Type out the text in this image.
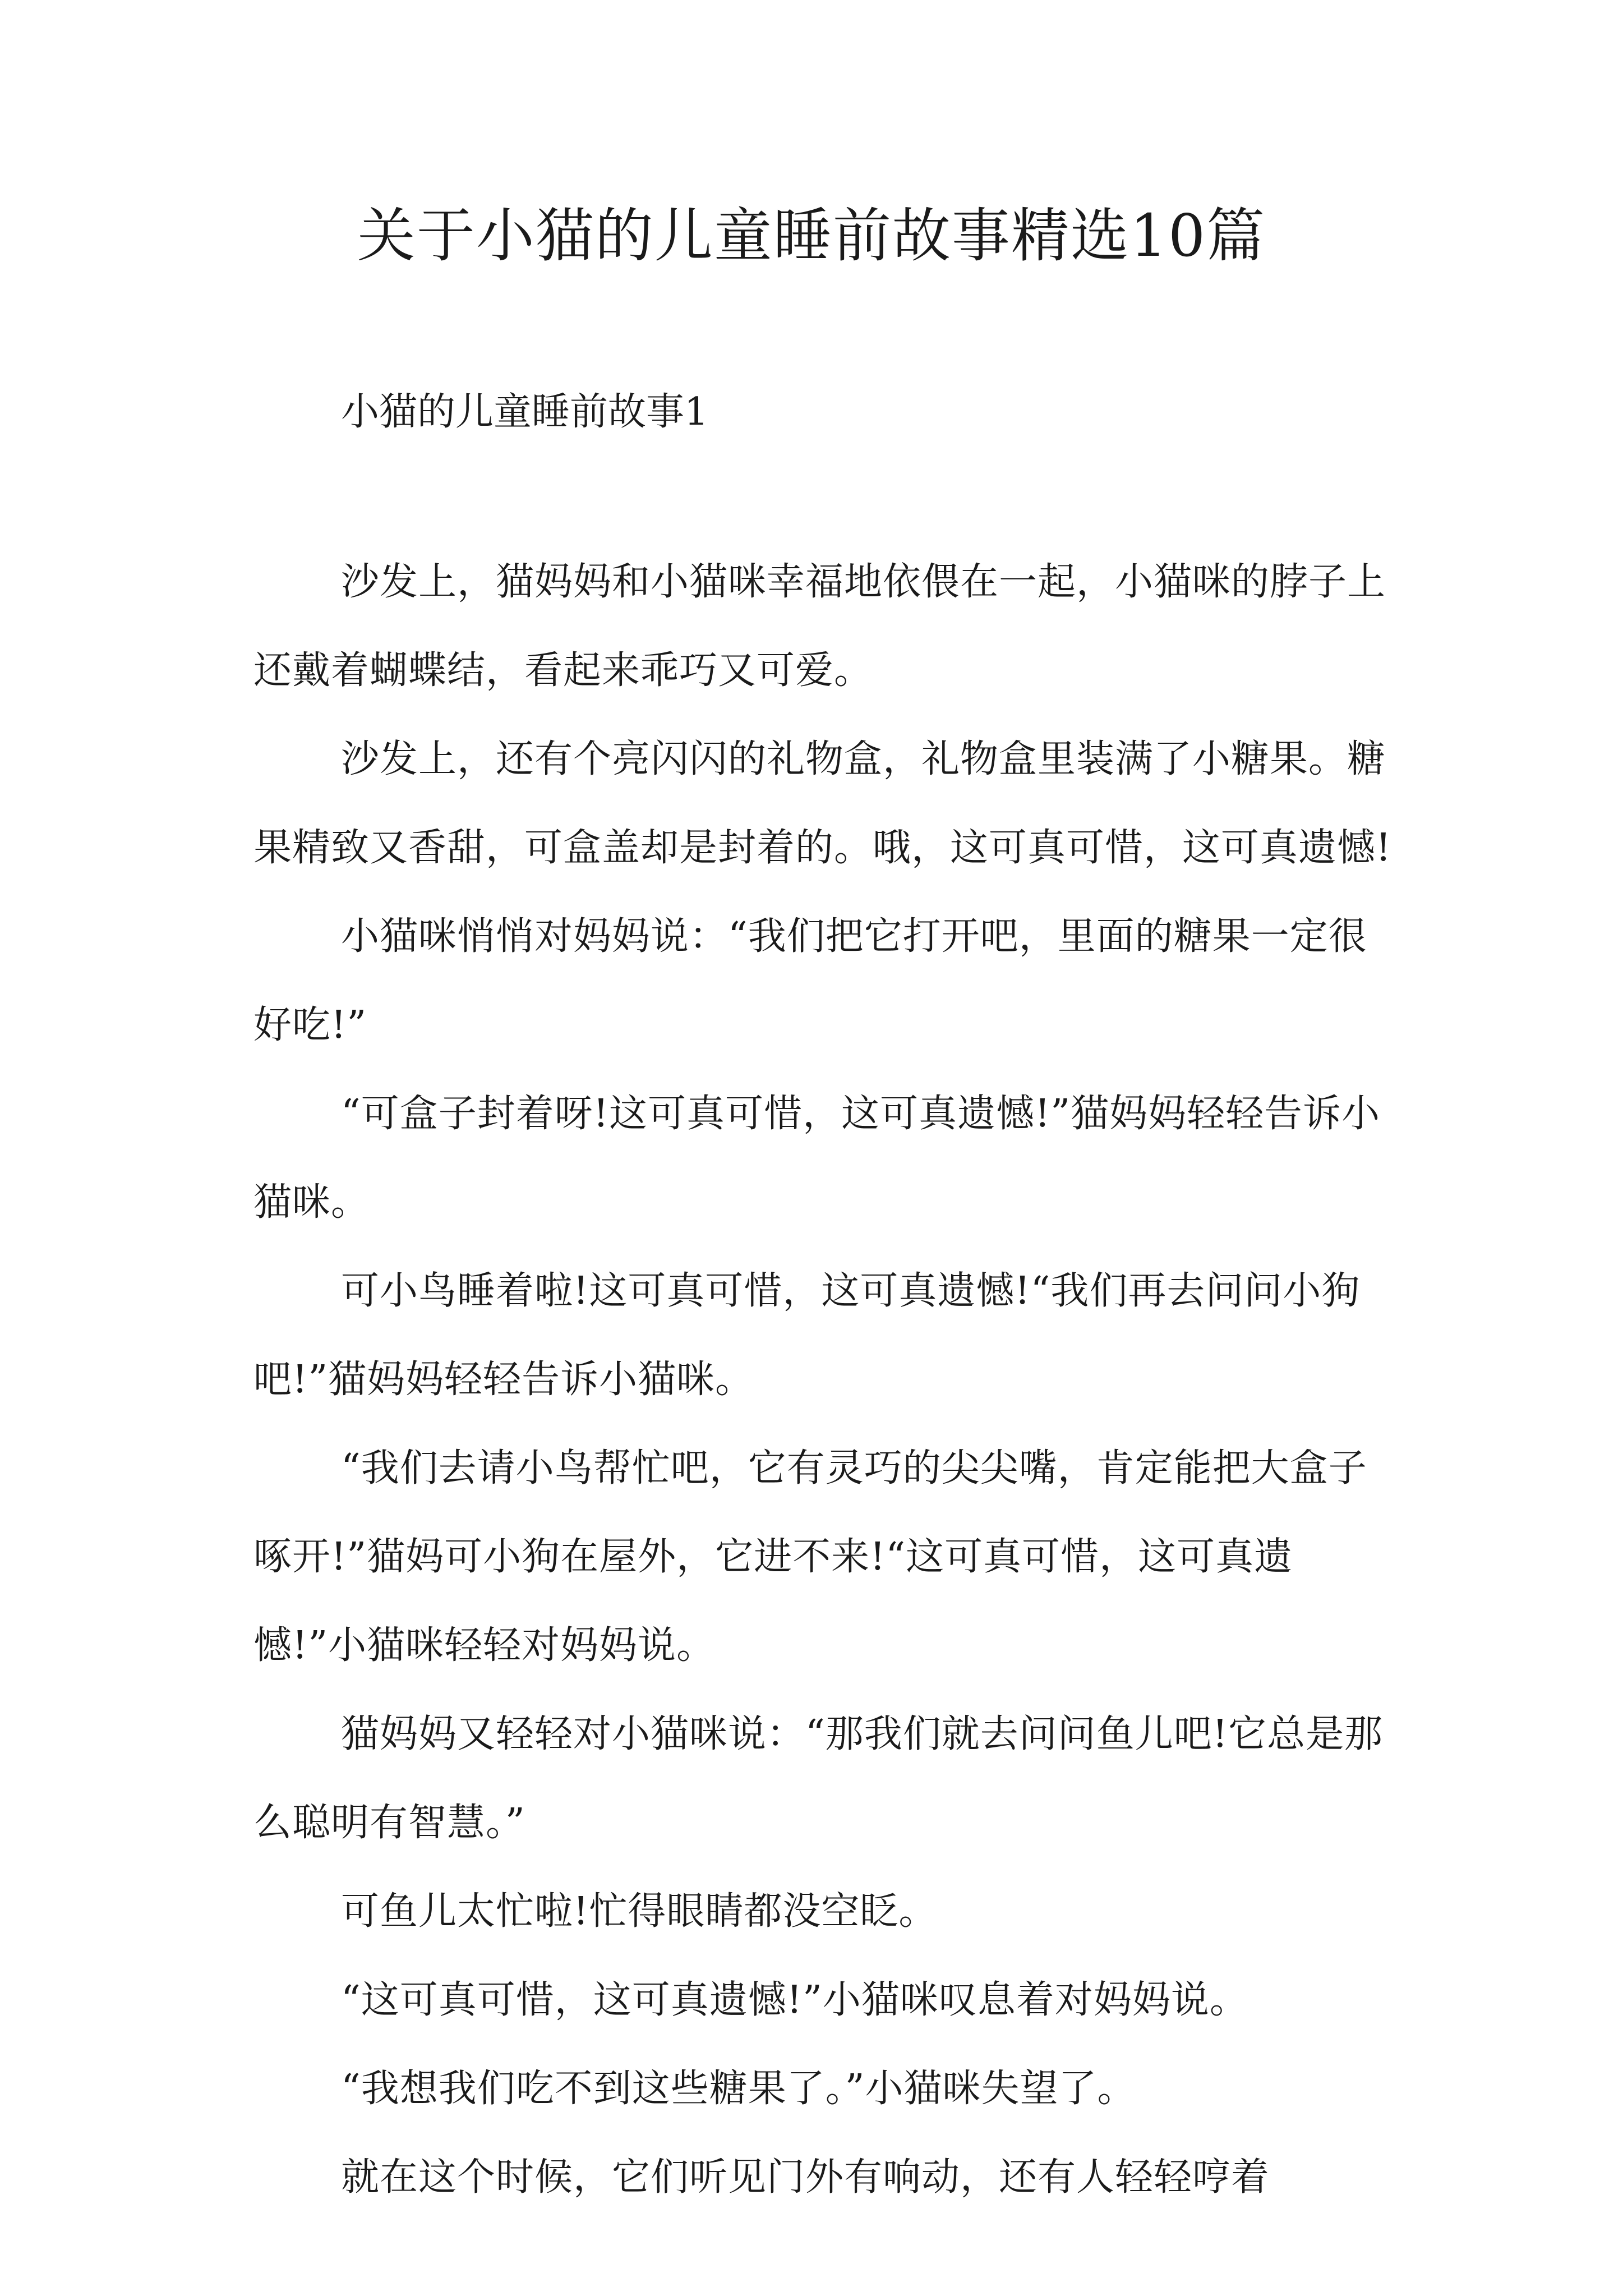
关于小猫的儿童睡前故事精选10篇
小猫的儿童睡前故事1

沙发上，猫妈妈和小猫咪幸福地依偎在一起，小猫咪的脖子上还戴着蝴蝶结，看起来乖巧又可爱。

沙发上，还有个亮闪闪的礼物盒，礼物盒里装满了小糖果。糖果精致又香甜，可盒盖却是封着的。哦，这可真可惜，这可真遗憾!

小猫咪悄悄对妈妈说：“我们把它打开吧，里面的糖果一定很好吃!”

“可盒子封着呀!这可真可惜，这可真遗憾!”猫妈妈轻轻告诉小猫咪。

可小鸟睡着啦!这可真可惜，这可真遗憾!“我们再去问问小狗吧!”猫妈妈轻轻告诉小猫咪。

“我们去请小鸟帮忙吧，它有灵巧的尖尖嘴，肯定能把大盒子啄开!”猫妈可小狗在屋外，它进不来!“这可真可惜，这可真遗憾!”小猫咪轻轻对妈妈说。

猫妈妈又轻轻对小猫咪说：“那我们就去问问鱼儿吧!它总是那么聪明有智慧。”

可鱼儿太忙啦!忙得眼睛都没空眨。

“这可真可惜，这可真遗憾!”小猫咪叹息着对妈妈说。

“我想我们吃不到这些糖果了。”小猫咪失望了。

就在这个时候，它们听见门外有响动，还有人轻轻哼着
